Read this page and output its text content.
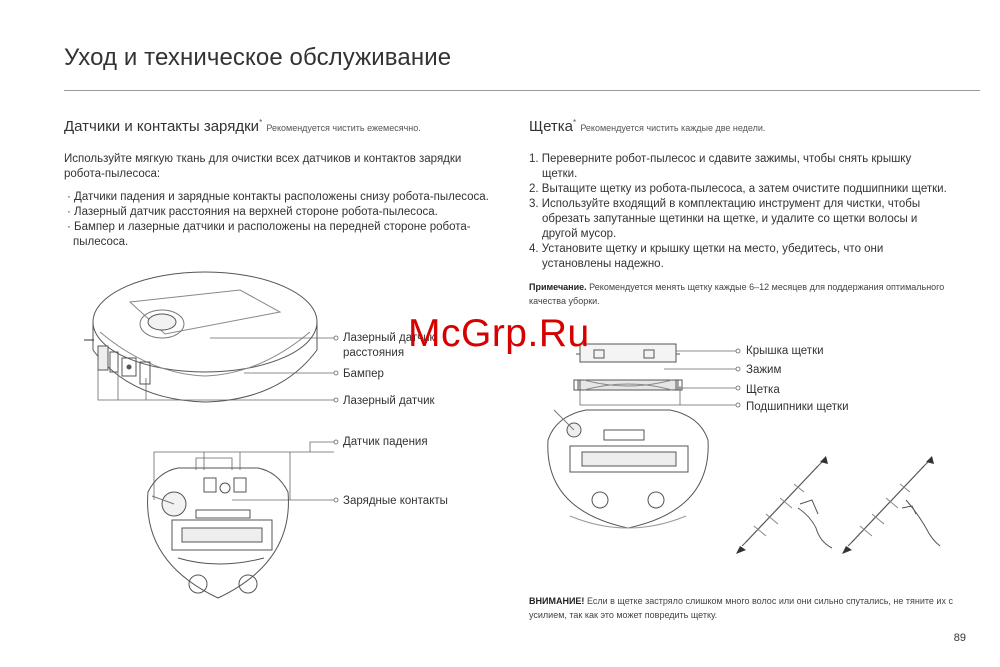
Уход и техническое обслуживание
Датчики и контакты зарядки* Рекомендуется чистить ежемесячно.
Используйте мягкую ткань для очистки всех датчиков и контактов зарядки робота-пылесоса:
· Датчики падения и зарядные контакты расположены снизу робота-пылесоса.
· Лазерный датчик расстояния на верхней стороне робота-пылесоса.
· Бампер и лазерные датчики и расположены на передней стороне робота-пылесоса.
Лазерный датчик расстояния
Бампер
Лазерный датчик
Датчик падения
Зарядные контакты
Щетка* Рекомендуется чистить каждые две недели.
1. Переверните робот-пылесос и сдавите зажимы, чтобы снять крышку щетки.
2. Вытащите щетку из робота-пылесоса, а затем очистите подшипники щетки.
3. Используйте входящий в комплектацию инструмент для чистки, чтобы обрезать запутанные щетинки на щетке, и удалите со щетки волосы и другой мусор.
4. Установите щетку и крышку щетки на место, убедитесь, что они установлены надежно.
Примечание. Рекомендуется менять щетку каждые 6–12 месяцев для поддержания оптимального качества уборки.
Крышка щетки
Зажим
Щетка
Подшипники щетки
ВНИМАНИЕ! Если в щетке застряло слишком много волос или они сильно спутались, не тяните их с усилием, так как это может повредить щетку.
McGrp.Ru
89
